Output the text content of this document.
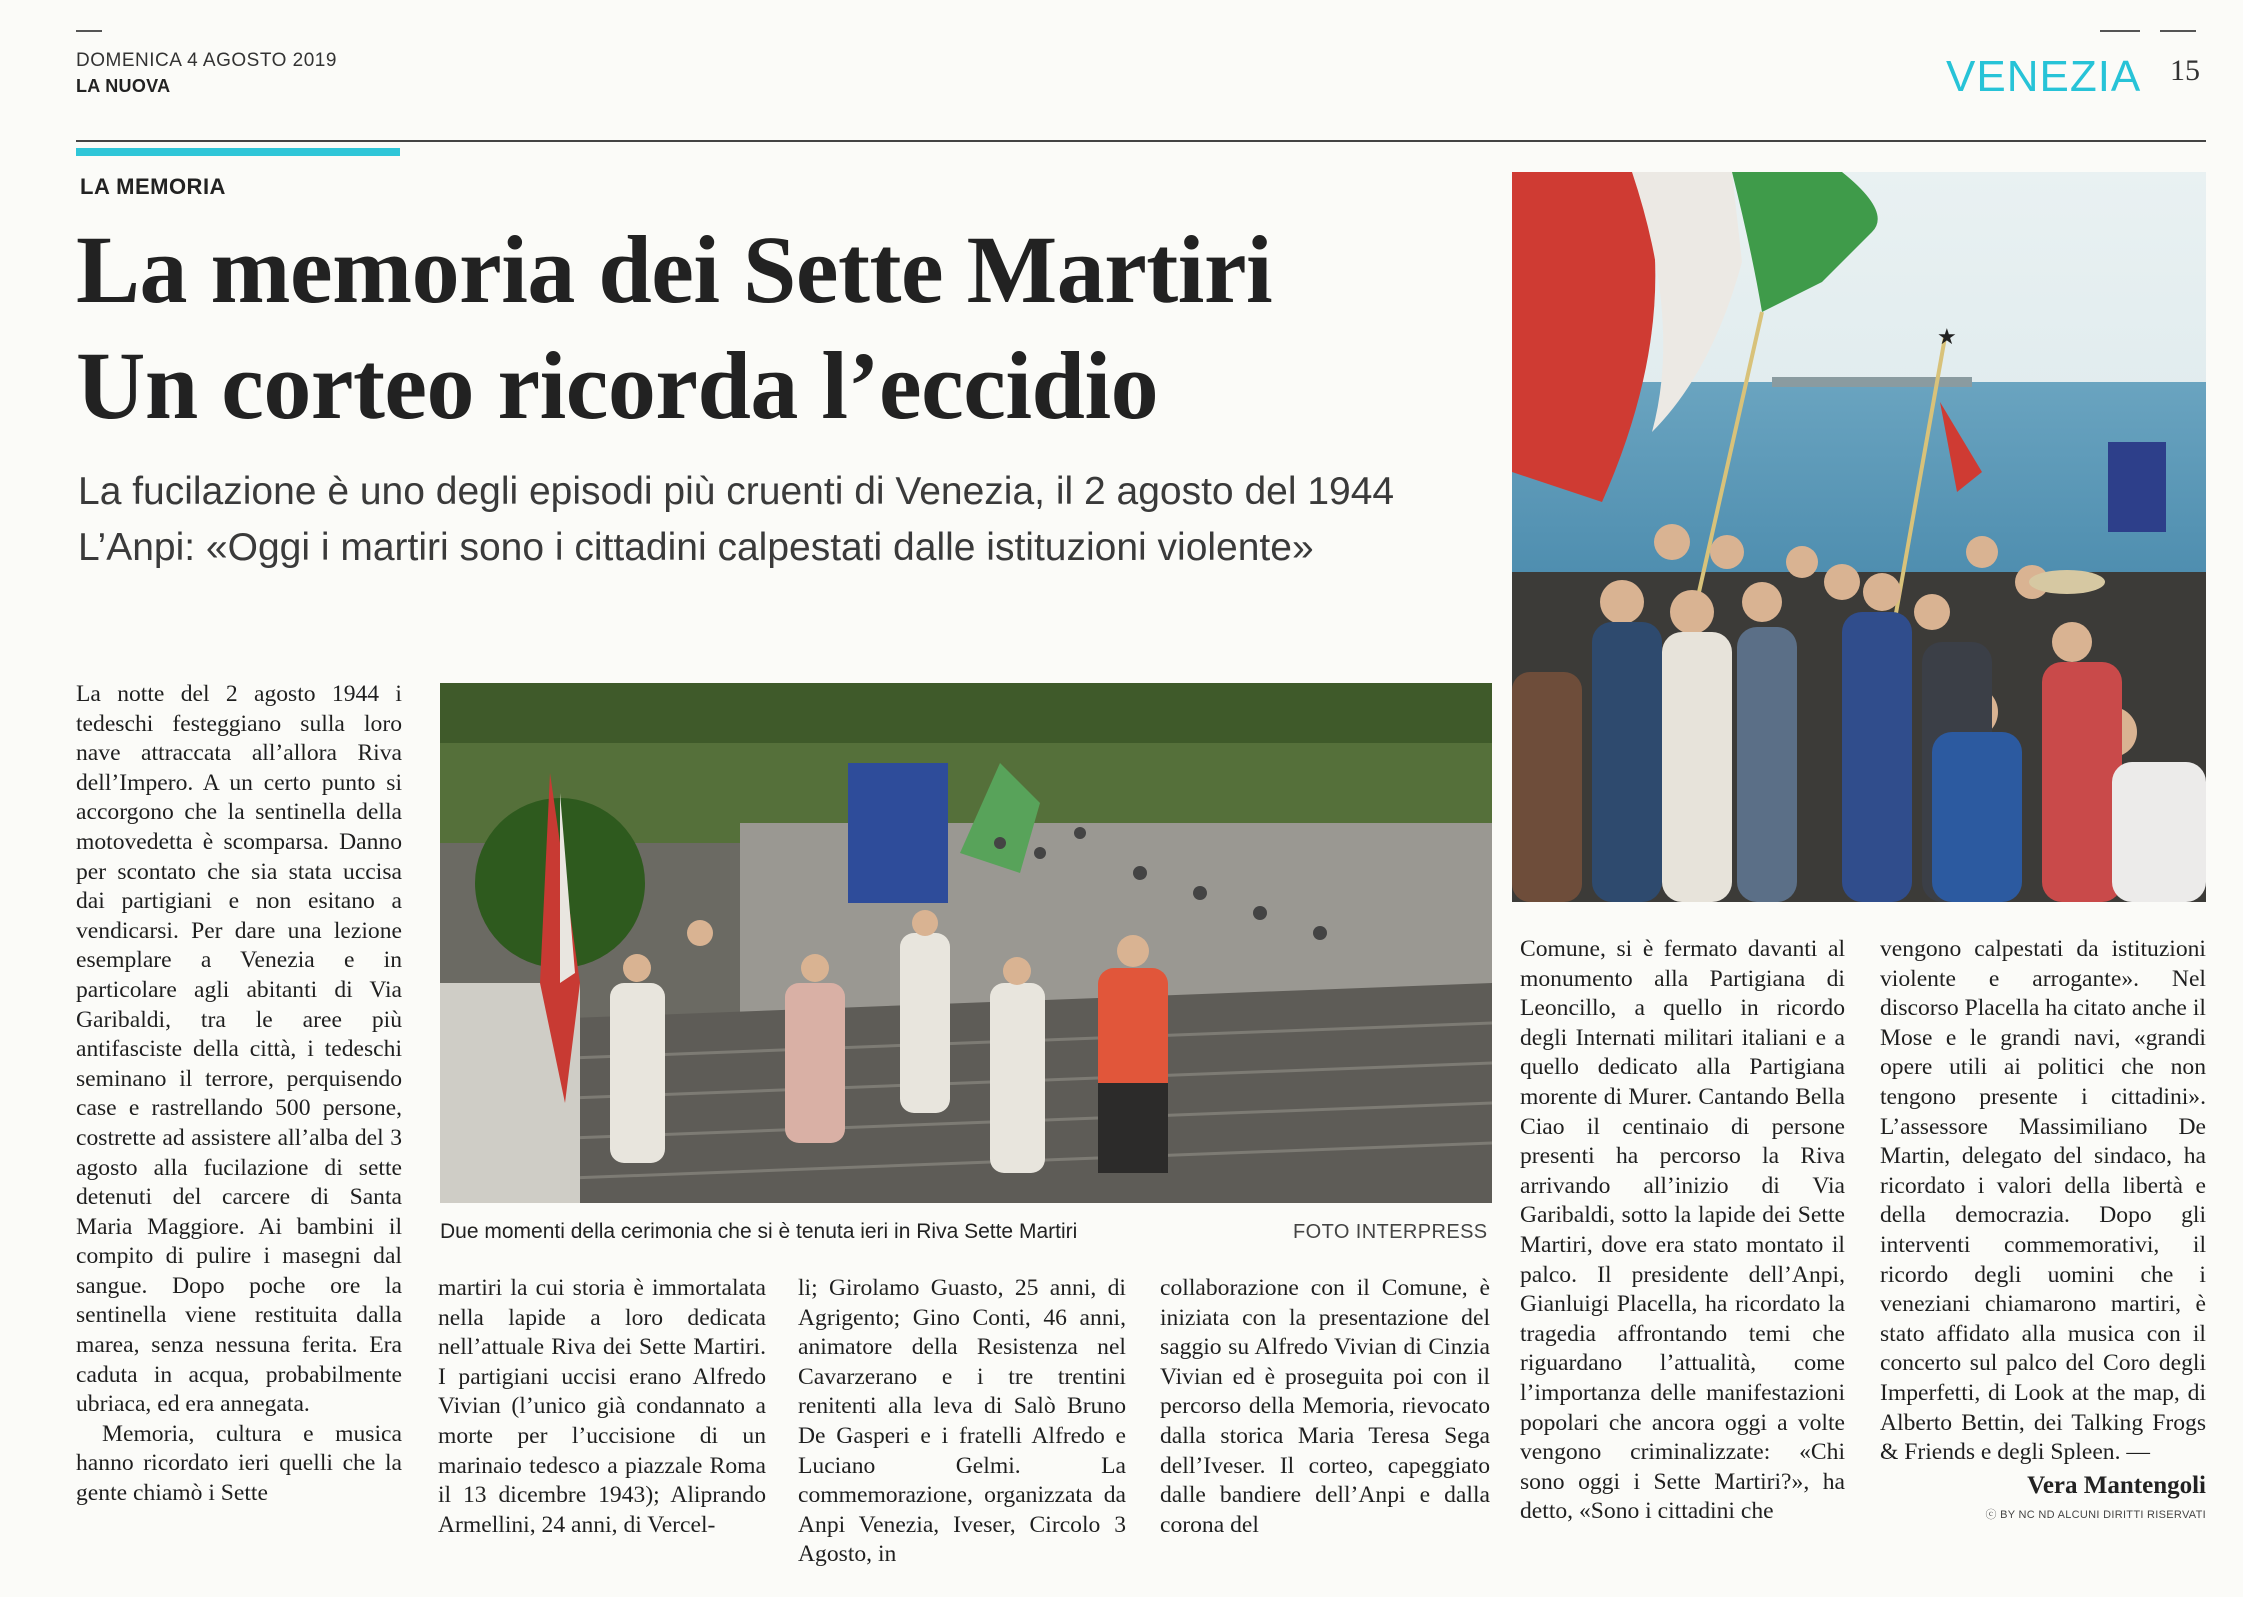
DOMENICA 4 AGOSTO 2019
LA NUOVA	VENEZIA 15
LA MEMORIA
La memoria dei Sette Martiri
Un corteo ricorda l’eccidio
La fucilazione è uno degli episodi più cruenti di Venezia, il 2 agosto del 1944
L’Anpi: «Oggi i martiri sono i cittadini calpestati dalle istituzioni violente»
★
Due momenti della cerimonia che si è tenuta ieri in Riva Sette Martiri	FOTO INTERPRESS

La notte del 2 agosto 1944 i tedeschi festeggiano sulla loro nave attraccata all’allora Riva dell’Impero. A un certo punto si accorgono che la sentinella della motovedetta è scomparsa. Danno per scontato che sia stata uccisa dai partigiani e non esitano a vendicarsi. Per dare una lezione esemplare a Venezia e in particolare agli abitanti di Via Garibaldi, tra le aree più antifasciste della città, i tedeschi seminano il terrore, perquisendo case e rastrellando 500 persone, costrette ad assistere all’alba del 3 agosto alla fucilazione di sette detenuti del carcere di Santa Maria Maggiore. Ai bambini il compito di pulire i masegni dal sangue. Dopo poche ore la sentinella viene restituita dalla marea, senza nessuna ferita. Era caduta in acqua, probabilmente ubriaca, ed era annegata.

Memoria, cultura e musica hanno ricordato ieri quelli che la gente chiamò i Sette

martiri la cui storia è immortalata nella lapide a loro dedicata nell’attuale Riva dei Sette Martiri. I partigiani uccisi erano Alfredo Vivian (l’unico già condannato a morte per l’uccisione di un marinaio tedesco a piazzale Roma il 13 dicembre 1943); Aliprando Armellini, 24 anni, di Vercel-

li; Girolamo Guasto, 25 anni, di Agrigento; Gino Conti, 46 anni, animatore della Resistenza nel Cavarzerano e i tre trentini renitenti alla leva di Salò Bruno De Gasperi e i fratelli Alfredo e Luciano Gelmi. La commemorazione, organizzata da Anpi Venezia, Iveser, Circolo 3 Agosto, in

collaborazione con il Comune, è iniziata con la presentazione del saggio su Alfredo Vivian di Cinzia Vivian ed è proseguita poi con il percorso della Memoria, rievocato dalla storica Maria Teresa Sega dell’Iveser. Il corteo, capeggiato dalle bandiere dell’Anpi e dalla corona del

Comune, si è fermato davanti al monumento alla Partigiana di Leoncillo, a quello in ricordo degli Internati militari italiani e a quello dedicato alla Partigiana morente di Murer. Cantando Bella Ciao il centinaio di persone presenti ha percorso la Riva arrivando all’inizio di Via Garibaldi, sotto la lapide dei Sette Martiri, dove era stato montato il palco. Il presidente dell’Anpi, Gianluigi Placella, ha ricordato la tragedia affrontando temi che riguardano l’attualità, come l’importanza delle manifestazioni popolari che ancora oggi a volte vengono criminalizzate: «Chi sono oggi i Sette Martiri?», ha detto, «Sono i cittadini che

vengono calpestati da istituzioni violente e arrogante». Nel discorso Placella ha citato anche il Mose e le grandi navi, «grandi opere utili ai politici che non tengono presente i cittadini». L’assessore Massimiliano De Martin, delegato del sindaco, ha ricordato i valori della libertà e della democrazia. Dopo gli interventi commemorativi, il ricordo degli uomini che i veneziani chiamarono martiri, è stato affidato alla musica con il concerto sul palco del Coro degli Imperfetti, di Look at the map, di Alberto Bettin, dei Talking Frogs & Friends e degli Spleen. —

Vera Mantengoli
ⓒ BY NC ND ALCUNI DIRITTI RISERVATI
